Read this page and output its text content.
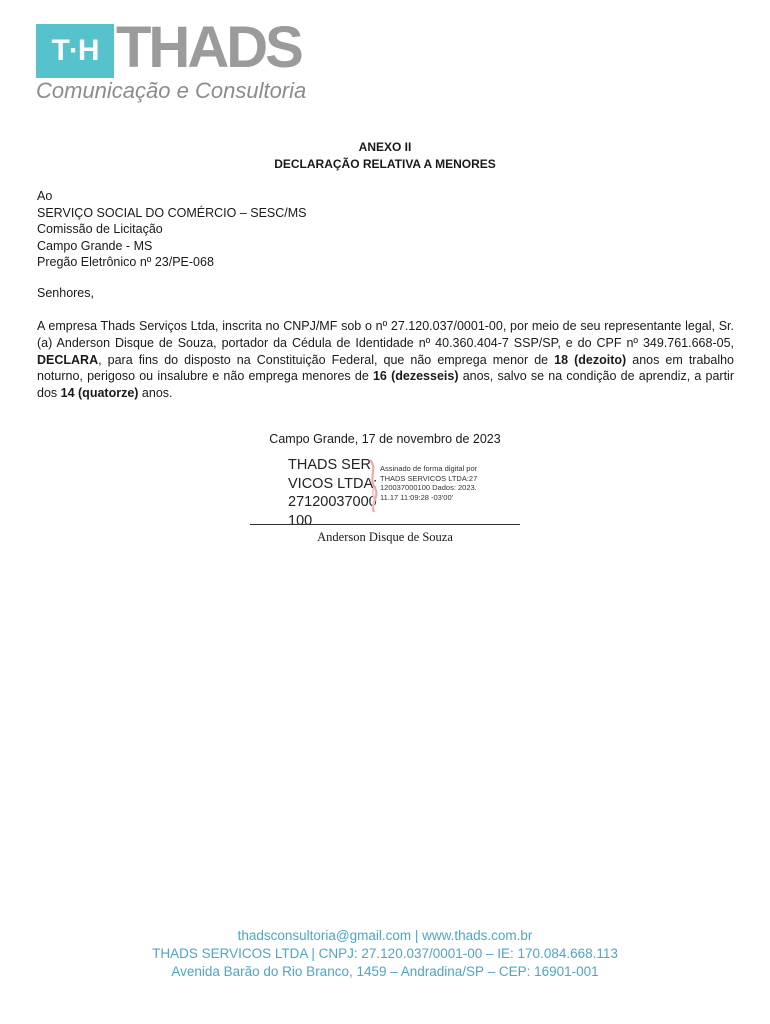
T·H THADS
Comunicação e Consultoria
ANEXO II
DECLARAÇÃO RELATIVA A MENORES
Ao
SERVIÇO SOCIAL DO COMÉRCIO – SESC/MS
Comissão de Licitação
Campo Grande - MS
Pregão Eletrônico nº 23/PE-068
Senhores,
A empresa Thads Serviços Ltda, inscrita no CNPJ/MF sob o nº 27.120.037/0001-00, por meio de seu representante legal, Sr. (a) Anderson Disque de Souza, portador da Cédula de Identidade nº 40.360.404-7 SSP/SP, e do CPF nº 349.761.668-05, DECLARA, para fins do disposto na Constituição Federal, que não emprega menor de 18 (dezoito) anos em trabalho noturno, perigoso ou insalubre e não emprega menores de 16 (dezesseis) anos, salvo se na condição de aprendiz, a partir dos 14 (quatorze) anos.
Campo Grande, 17 de novembro de 2023
THADS SERVICOS LTDA:27120037000100
Assinado de forma digital por THADS SERVICOS LTDA:27120037000100 Dados: 2023.11.17 11:09:28 -03'00'
Anderson Disque de Souza
thadsconsultoria@gmail.com | www.thads.com.br
THADS SERVICOS LTDA | CNPJ: 27.120.037/0001-00 – IE: 170.084.668.113
Avenida Barão do Rio Branco, 1459 – Andradina/SP – CEP: 16901-001
